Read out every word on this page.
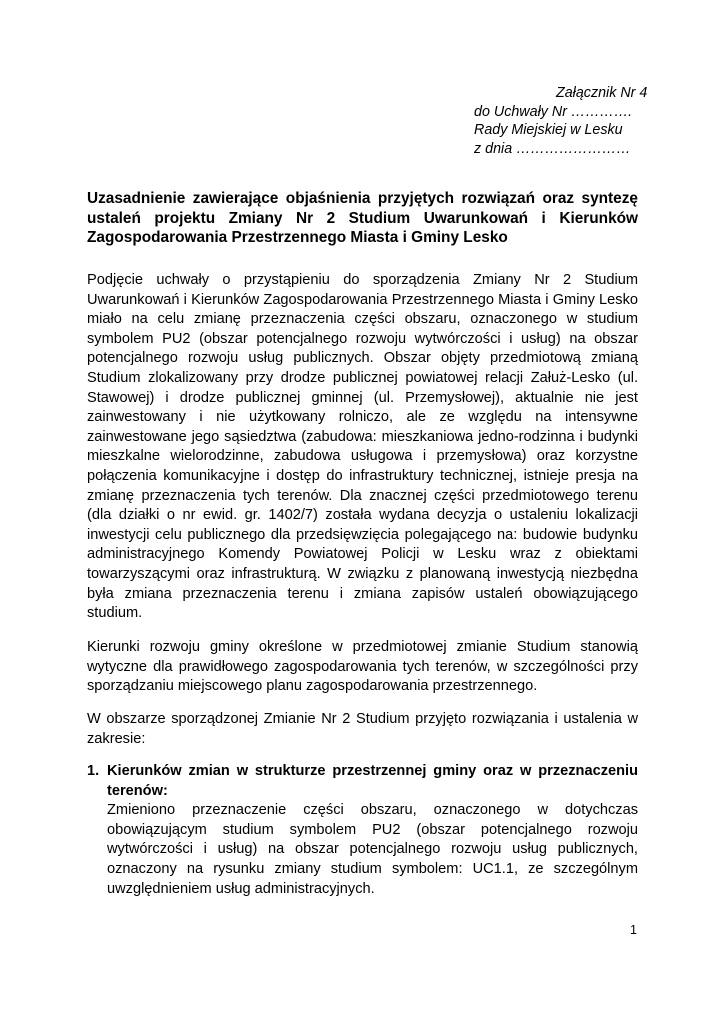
Załącznik Nr 4
do Uchwały Nr ………….
Rady Miejskiej w Lesku
z dnia ……………………
Uzasadnienie zawierające objaśnienia przyjętych rozwiązań oraz syntezę ustaleń projektu Zmiany Nr 2 Studium Uwarunkowań i Kierunków Zagospodarowania Przestrzennego Miasta i Gminy Lesko
Podjęcie uchwały o przystąpieniu do sporządzenia Zmiany Nr 2 Studium Uwarunkowań i Kierunków Zagospodarowania Przestrzennego Miasta i Gminy Lesko miało na celu zmianę przeznaczenia części obszaru, oznaczonego w studium symbolem PU2 (obszar potencjalnego rozwoju wytwórczości i usług) na obszar potencjalnego rozwoju usług publicznych. Obszar objęty przedmiotową zmianą Studium zlokalizowany przy drodze publicznej powiatowej relacji Załuż-Lesko (ul. Stawowej) i drodze publicznej gminnej (ul. Przemysłowej), aktualnie nie jest zainwestowany i nie użytkowany rolniczo, ale ze względu na intensywne zainwestowane jego sąsiedztwa (zabudowa: mieszkaniowa jedno-rodzinna i budynki mieszkalne wielorodzinne, zabudowa usługowa i przemysłowa) oraz korzystne połączenia komunikacyjne i dostęp do infrastruktury technicznej, istnieje presja na zmianę przeznaczenia tych terenów. Dla znacznej części przedmiotowego terenu (dla działki o nr ewid. gr. 1402/7) została wydana decyzja o ustaleniu lokalizacji inwestycji celu publicznego dla przedsięwzięcia polegającego na: budowie budynku administracyjnego Komendy Powiatowej Policji w Lesku wraz z obiektami towarzyszącymi oraz infrastrukturą. W związku z planowaną inwestycją niezbędna była zmiana przeznaczenia terenu i zmiana zapisów ustaleń obowiązującego studium.
Kierunki rozwoju gminy określone w przedmiotowej zmianie Studium stanowią wytyczne dla prawidłowego zagospodarowania tych terenów, w szczególności przy sporządzaniu miejscowego planu zagospodarowania przestrzennego.
W obszarze sporządzonej Zmianie Nr 2 Studium przyjęto rozwiązania i ustalenia w zakresie:
1. Kierunków zmian w strukturze przestrzennej gminy oraz w przeznaczeniu terenów:
Zmieniono przeznaczenie części obszaru, oznaczonego w dotychczas obowiązującym studium symbolem PU2 (obszar potencjalnego rozwoju wytwórczości i usług) na obszar potencjalnego rozwoju usług publicznych, oznaczony na rysunku zmiany studium symbolem: UC1.1, ze szczególnym uwzględnieniem usług administracyjnych.
1
